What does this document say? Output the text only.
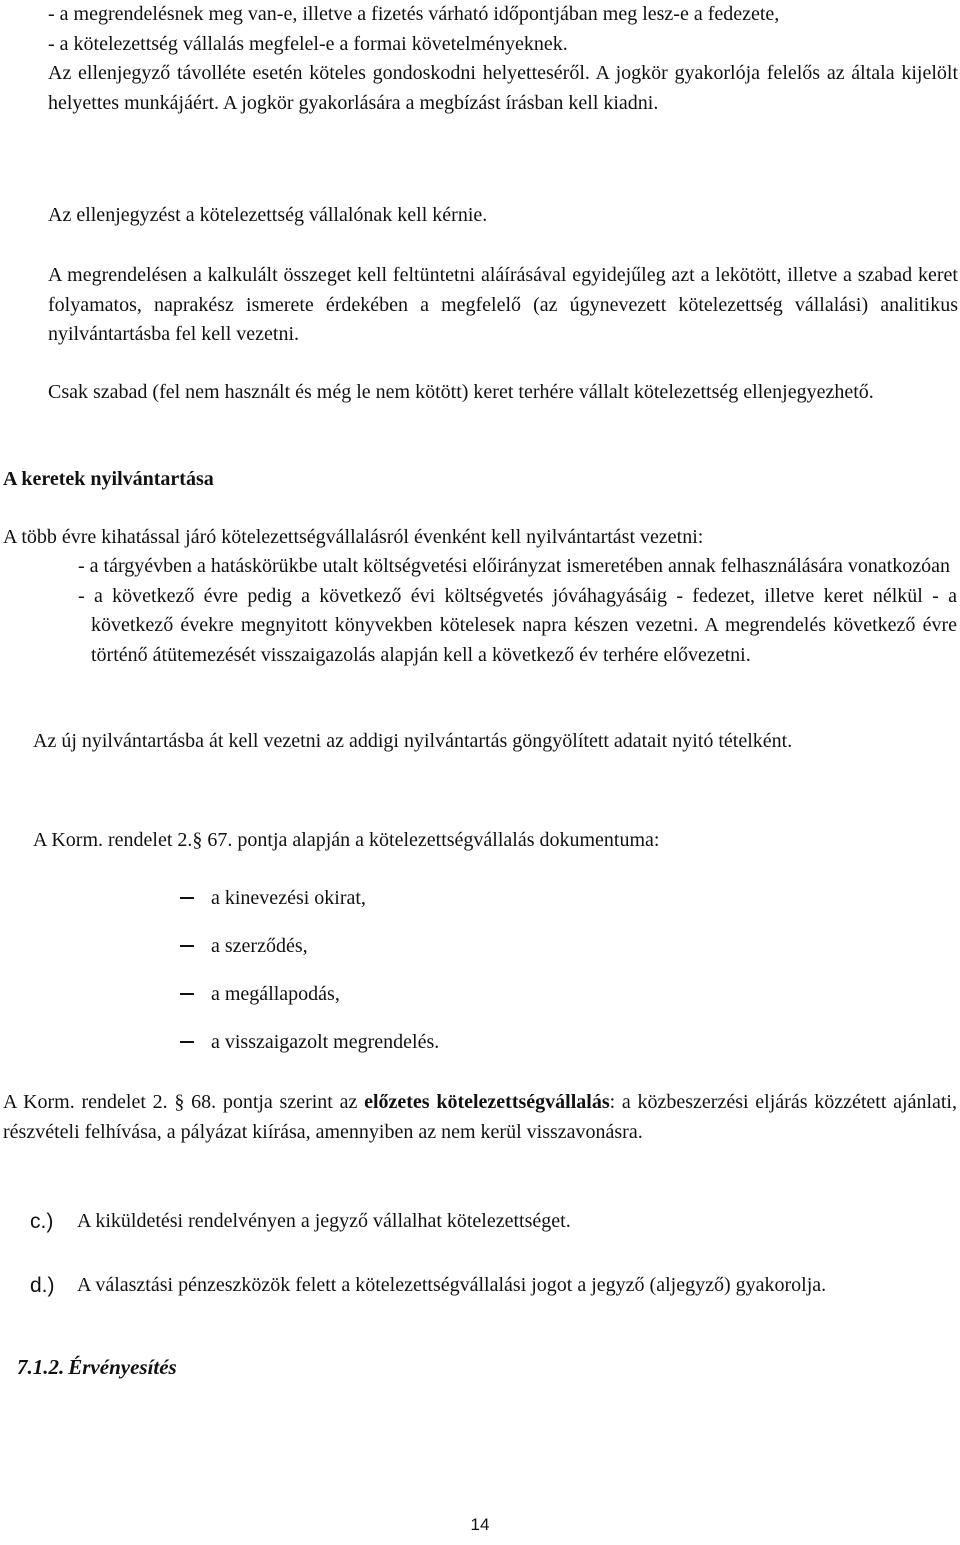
- a megrendelésnek meg van-e, illetve a fizetés várható időpontjában meg lesz-e a fedezete,

- a kötelezettség vállalás megfelel-e a formai követelményeknek.

Az ellenjegyző távolléte esetén köteles gondoskodni helyetteséről. A jogkör gyakorlója felelős az általa kijelölt helyettes munkájáért. A jogkör gyakorlására a megbízást írásban kell kiadni.

Az ellenjegyzést a kötelezettség vállalónak kell kérnie.

A megrendelésen a kalkulált összeget kell feltüntetni aláírásával egyidejűleg azt a lekötött, illetve a szabad keret folyamatos, naprakész ismerete érdekében a megfelelő (az úgynevezett kötelezettség vállalási) analitikus nyilvántartásba fel kell vezetni.

Csak szabad (fel nem használt és még le nem kötött) keret terhére vállalt kötelezettség ellenjegyezhető.

A keretek nyilvántartása

A több évre kihatással járó kötelezettségvállalásról évenként kell nyilvántartást vezetni:

- a tárgyévben a hatáskörükbe utalt költségvetési előirányzat ismeretében annak felhasználására vonatkozóan

- a következő évre pedig a következő évi költségvetés jóváhagyásáig - fedezet, illetve keret nélkül - a következő évekre megnyitott könyvekben kötelesek napra készen vezetni. A megrendelés következő évre történő átütemezését visszaigazolás alapján kell a következő év terhére elővezetni.

Az új nyilvántartásba át kell vezetni az addigi nyilvántartás göngyölített adatait nyitó tételként.

A Korm. rendelet 2.§ 67. pontja alapján a kötelezettségvállalás dokumentuma:

a kinevezési okirat,
a szerződés,
a megállapodás,
a visszaigazolt megrendelés.

A Korm. rendelet 2. § 68. pontja szerint az előzetes kötelezettségvállalás: a közbeszerzési eljárás közzétett ajánlati, részvételi felhívása, a pályázat kiírása, amennyiben az nem kerül visszavonásra.

c.)	A kiküldetési rendelvényen a jegyző vállalhat kötelezettséget.
d.)	A választási pénzeszközök felett a kötelezettségvállalási jogot a jegyző (aljegyző) gyakorolja.

7.1.2. Érvényesítés

14
